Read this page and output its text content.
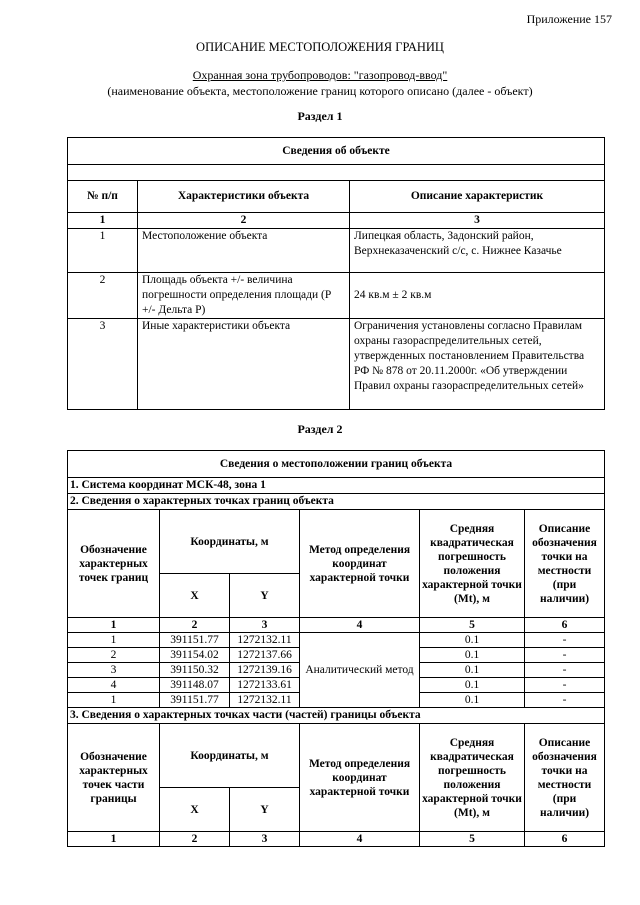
Приложение 157
ОПИСАНИЕ МЕСТОПОЛОЖЕНИЯ ГРАНИЦ
Охранная зона трубопроводов: "газопровод-ввод"
(наименование объекта, местоположение границ которого описано (далее - объект)
Раздел 1
Сведения об объекте		

№ п/п	Характеристики объекта	Описание характеристик
1	2	3
1	Местоположение объекта	Липецкая область, Задонский район, Верхнеказаченский с/с, с. Нижнее Казачье
2	Площадь объекта +/- величина погрешности определения площади (Р +/- Дельта Р)	24 кв.м ± 2 кв.м
3	Иные характеристики объекта	Ограничения установлены согласно Правилам охраны газораспределительных сетей, утвержденных постановлением Правительства РФ № 878 от 20.11.2000г. «Об утверждении Правил охраны газораспределительных сетей»
Раздел 2
Сведения о местоположении границ объекта					
1. Система координат МСК-48, зона 1					
2. Сведения о характерных точках границ объекта					
Обозначение характерных точек границ	Координаты, м		Метод определения координат характерной точки	Средняя квадратическая погрешность положения характерной точки (Mt), м	Описание обозначения точки на местности (при наличии)
	X	Y			
1	2	3	4	5	6
1	391151.77	1272132.11	Аналитический метод	0.1	-
2	391154.02	1272137.66		0.1	-
3	391150.32	1272139.16		0.1	-
4	391148.07	1272133.61		0.1	-
1	391151.77	1272132.11		0.1	-
3. Сведения о характерных точках части (частей) границы объекта					
Обозначение характерных точек части границы	Координаты, м		Метод определения координат характерной точки	Средняя квадратическая погрешность положения характерной точки (Mt), м	Описание обозначения точки на местности (при наличии)
	X	Y			
1	2	3	4	5	6
